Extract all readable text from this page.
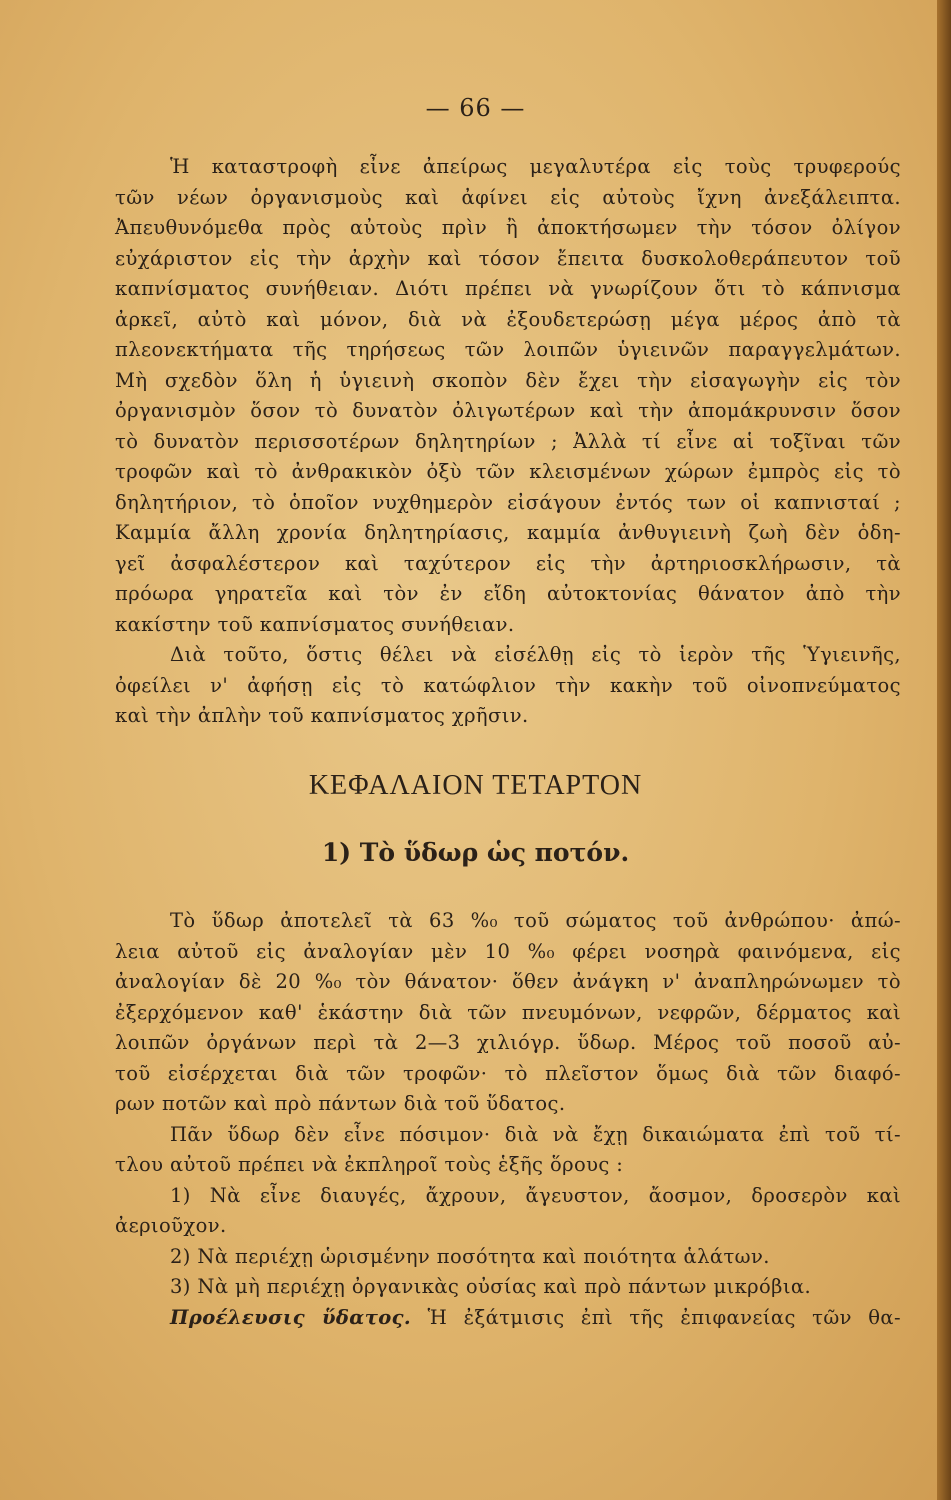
— 66 —
Ἡ καταστροφὴ εἶνε ἀπείρως μεγαλυτέρα εἰς τοὺς τρυφερούς
τῶν νέων ὀργανισμοὺς καὶ ἀφίνει εἰς αὐτοὺς ἴχνη ἀνεξάλειπτα.
Ἀπευθυνόμεθα πρὸς αὐτοὺς πρὶν ἢ ἀποκτήσωμεν τὴν τόσον ὀλίγον
εὐχάριστον εἰς τὴν ἀρχὴν καὶ τόσον ἔπειτα δυσκολοθεράπευτον τοῦ
καπνίσματος συνήθειαν. Διότι πρέπει νὰ γνωρίζουν ὅτι τὸ κάπνισμα
ἀρκεῖ, αὐτὸ καὶ μόνον, διὰ νὰ ἐξουδετερώσῃ μέγα μέρος ἀπὸ τὰ
πλεονεκτήματα τῆς τηρήσεως τῶν λοιπῶν ὑγιεινῶν παραγγελμάτων.
Μὴ σχεδὸν ὅλη ἡ ὑγιεινὴ σκοπὸν δὲν ἔχει τὴν εἰσαγωγὴν εἰς τὸν
ὀργανισμὸν ὅσον τὸ δυνατὸν ὀλιγωτέρων καὶ τὴν ἀπομάκρυνσιν ὅσον
τὸ δυνατὸν περισσοτέρων δηλητηρίων ; Ἀλλὰ τί εἶνε αἱ τοξῖναι τῶν
τροφῶν καὶ τὸ ἀνθρακικὸν ὀξὺ τῶν κλεισμένων χώρων ἐμπρὸς εἰς τὸ
δηλητήριον, τὸ ὁποῖον νυχθημερὸν εἰσάγουν ἐντός των οἱ καπνισταί ;
Καμμία ἄλλη χρονία δηλητηρίασις, καμμία ἀνθυγιεινὴ ζωὴ δὲν ὁδη-
γεῖ ἀσφαλέστερον καὶ ταχύτερον εἰς τὴν ἀρτηριοσκλήρωσιν, τὰ
πρόωρα γηρατεῖα καὶ τὸν ἐν εἴδη αὐτοκτονίας θάνατον ἀπὸ τὴν
κακίστην τοῦ καπνίσματος συνήθειαν.
Διὰ τοῦτο, ὅστις θέλει νὰ εἰσέλθῃ εἰς τὸ ἱερὸν τῆς Ὑγιεινῆς,
ὀφείλει ν' ἀφήσῃ εἰς τὸ κατώφλιον τὴν κακὴν τοῦ οἰνοπνεύματος
καὶ τὴν ἀπλὴν τοῦ καπνίσματος χρῆσιν.
ΚΕΦΑΛΑΙΟΝ ΤΕΤΑΡΤΟΝ
1) Τὸ ὕδωρ ὡς ποτόν.
Τὸ ὕδωρ ἀποτελεῖ τὰ 63 %₀ τοῦ σώματος τοῦ ἀνθρώπου· ἀπώ-
λεια αὐτοῦ εἰς ἀναλογίαν μὲν 10 %₀ φέρει νοσηρὰ φαινόμενα, εἰς
ἀναλογίαν δὲ 20 %₀ τὸν θάνατον· ὅθεν ἀνάγκη ν' ἀναπληρώνωμεν τὸ
ἐξερχόμενον καθ' ἑκάστην διὰ τῶν πνευμόνων, νεφρῶν, δέρματος καὶ
λοιπῶν ὀργάνων περὶ τὰ 2—3 χιλιόγρ. ὕδωρ. Μέρος τοῦ ποσοῦ αὐ-
τοῦ εἰσέρχεται διὰ τῶν τροφῶν· τὸ πλεῖστον ὅμως διὰ τῶν διαφό-
ρων ποτῶν καὶ πρὸ πάντων διὰ τοῦ ὕδατος.
Πᾶν ὕδωρ δὲν εἶνε πόσιμον· διὰ νὰ ἔχῃ δικαιώματα ἐπὶ τοῦ τί-
τλου αὐτοῦ πρέπει νὰ ἐκπληροῖ τοὺς ἑξῆς ὅρους :
1) Νὰ εἶνε διαυγές, ἄχρουν, ἄγευστον, ἄοσμον, δροσερὸν καὶ
ἀεριοῦχον.
2) Νὰ περιέχῃ ὡρισμένην ποσότητα καὶ ποιότητα ἁλάτων.
3) Νὰ μὴ περιέχῃ ὀργανικὰς οὐσίας καὶ πρὸ πάντων μικρόβια.
Προέλευσις ὕδατος. Ἡ ἐξάτμισις ἐπὶ τῆς ἐπιφανείας τῶν θα-
